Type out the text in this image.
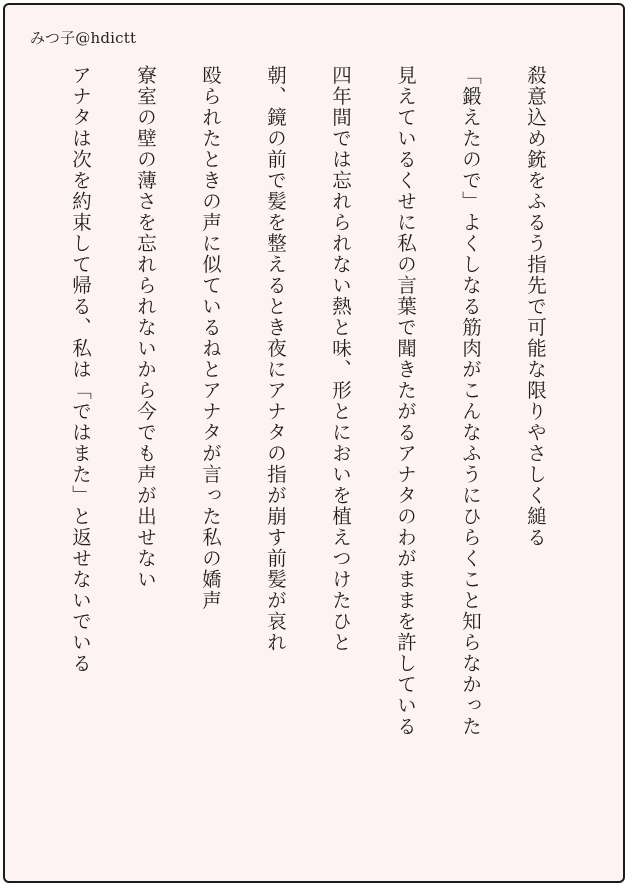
みつ子@hdictt
殺意込め銃をふるう指先で可能な限りやさしく縋る
「鍛えたので」よくしなる筋肉がこんなふうにひらくこと知らなかった
見えているくせに私の言葉で聞きたがるアナタのわがままを許している
四年間では忘れられない熱と味、形とにおいを植えつけたひと
朝、鏡の前で髪を整えるとき夜にアナタの指が崩す前髪が哀れ
殴られたときの声に似ているねとアナタが言った私の嬌声
寮室の壁の薄さを忘れられないから今でも声が出せない
アナタは次を約束して帰る、私は「ではまた」と返せないでいる
